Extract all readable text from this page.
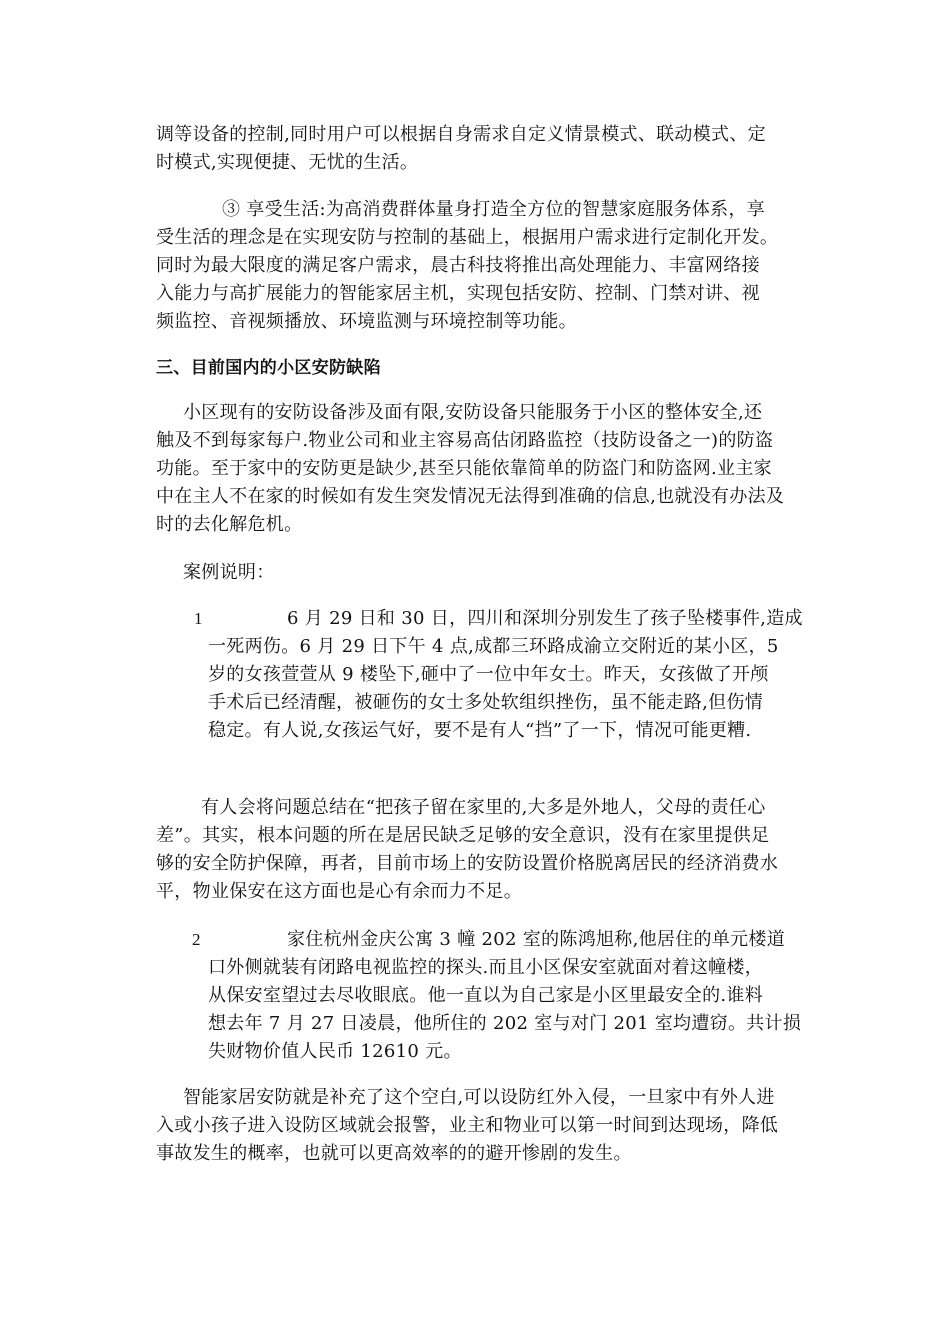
调等设备的控制,同时用户可以根据自身需求自定义情景模式、联动模式、定
时模式,实现便捷、无忧的生活。
③ 享受生活:为高消费群体量身打造全方位的智慧家庭服务体系，享
受生活的理念是在实现安防与控制的基础上，根据用户需求进行定制化开发。
同时为最大限度的满足客户需求，晨古科技将推出高处理能力、丰富网络接
入能力与高扩展能力的智能家居主机，实现包括安防、控制、门禁对讲、视
频监控、音视频播放、环境监测与环境控制等功能。
三、目前国内的小区安防缺陷
小区现有的安防设备涉及面有限,安防设备只能服务于小区的整体安全,还
触及不到每家每户.物业公司和业主容易高估闭路监控（技防设备之一)的防盗
功能。至于家中的安防更是缺少,甚至只能依靠简单的防盗门和防盗网.业主家
中在主人不在家的时候如有发生突发情况无法得到准确的信息,也就没有办法及
时的去化解危机。
案例说明：
1	6 月 29 日和 30 日，四川和深圳分别发生了孩子坠楼事件,造成
一死两伤。6 月 29 日下午 4 点,成都三环路成渝立交附近的某小区，5
岁的女孩萱萱从 9 楼坠下,砸中了一位中年女士。昨天，女孩做了开颅
手术后已经清醒，被砸伤的女士多处软组织挫伤，虽不能走路,但伤情
稳定。有人说,女孩运气好，要不是有人“挡”了一下，情况可能更糟.
有人会将问题总结在“把孩子留在家里的,大多是外地人，父母的责任心
差”。其实，根本问题的所在是居民缺乏足够的安全意识，没有在家里提供足
够的安全防护保障，再者，目前市场上的安防设置价格脱离居民的经济消费水
平，物业保安在这方面也是心有余而力不足。
2	家住杭州金庆公寓 3 幢 202 室的陈鸿旭称,他居住的单元楼道
口外侧就装有闭路电视监控的探头.而且小区保安室就面对着这幢楼，
从保安室望过去尽收眼底。他一直以为自己家是小区里最安全的.谁料
想去年 7 月 27 日凌晨，他所住的 202 室与对门 201 室均遭窃。共计损
失财物价值人民币 12610 元。
智能家居安防就是补充了这个空白,可以设防红外入侵，一旦家中有外人进
入或小孩子进入设防区域就会报警，业主和物业可以第一时间到达现场，降低
事故发生的概率，也就可以更高效率的的避开惨剧的发生。
